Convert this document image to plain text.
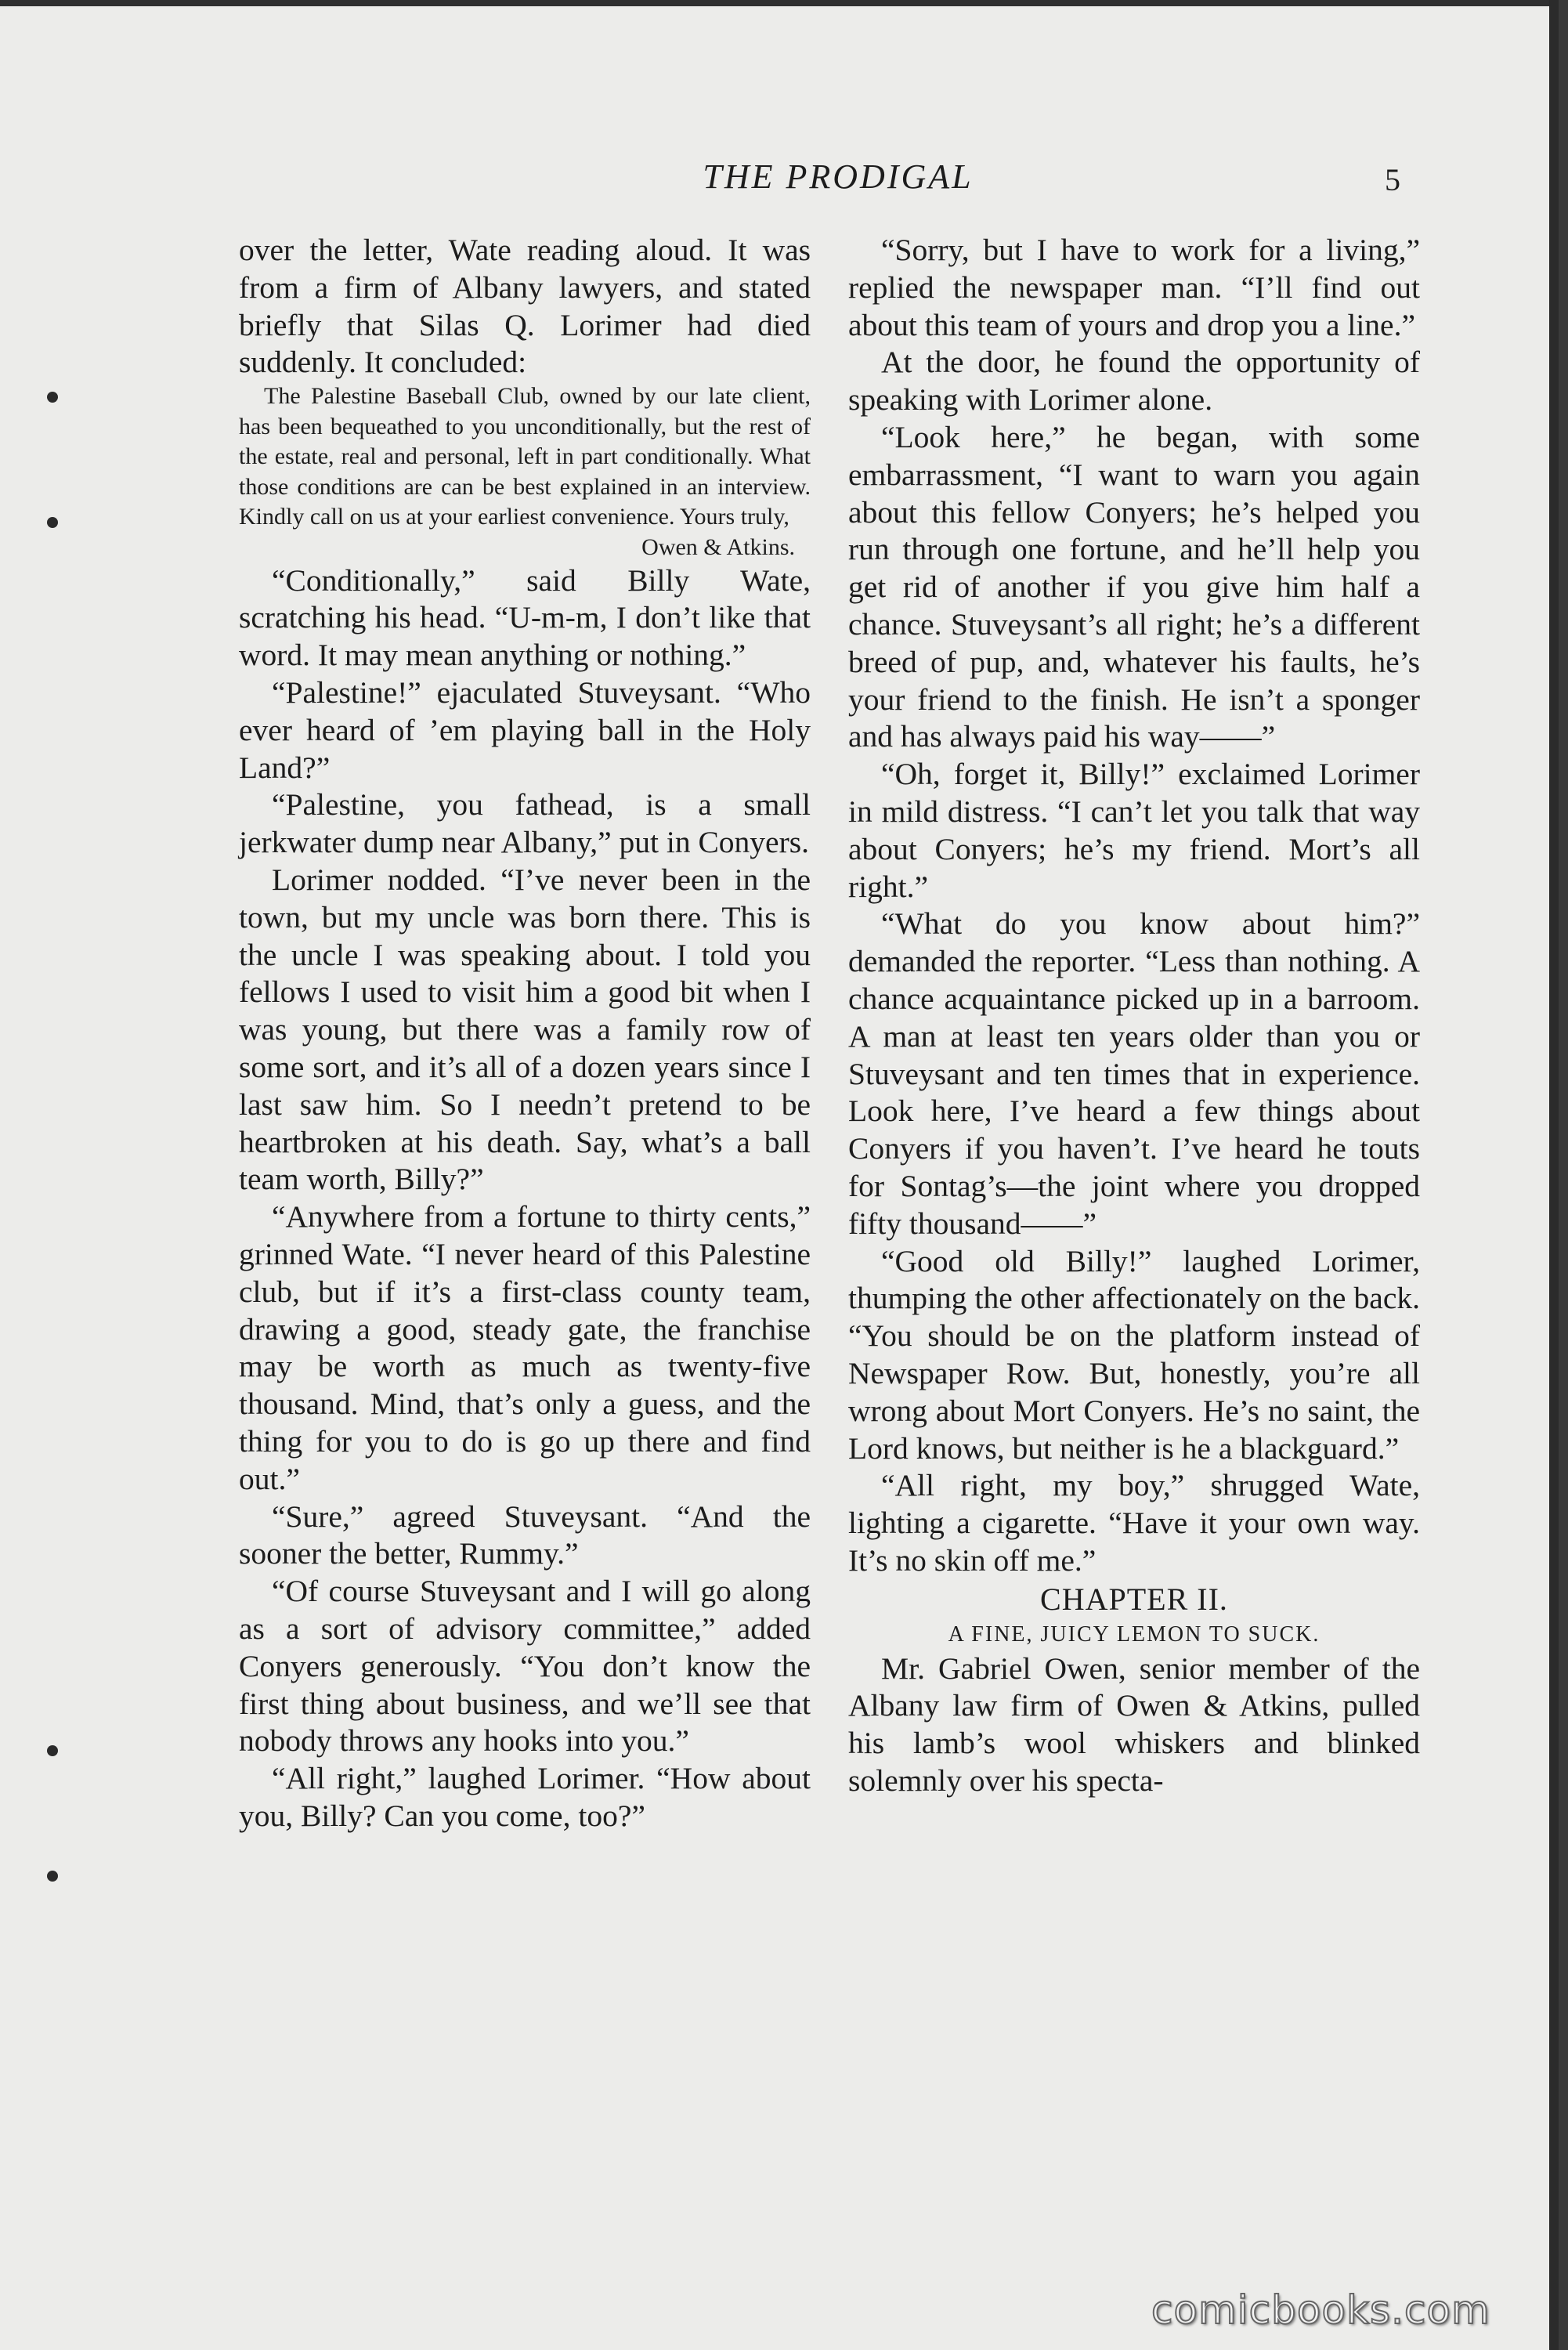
THE PRODIGAL	5

over the letter, Wate reading aloud. It was from a firm of Albany lawyers, and stated briefly that Silas Q. Lorimer had died suddenly. It concluded:

The Palestine Baseball Club, owned by our late client, has been bequeathed to you unconditionally, but the rest of the estate, real and personal, left in part conditionally. What those conditions are can be best explained in an interview. Kindly call on us at your earliest convenience. Yours truly,

Owen & Atkins.

“Conditionally,” said Billy Wate, scratching his head. “U-m-m, I don’t like that word. It may mean anything or nothing.”

“Palestine!” ejaculated Stuveysant. “Who ever heard of ’em playing ball in the Holy Land?”

“Palestine, you fathead, is a small jerkwater dump near Albany,” put in Conyers.

Lorimer nodded. “I’ve never been in the town, but my uncle was born there. This is the uncle I was speaking about. I told you fellows I used to visit him a good bit when I was young, but there was a family row of some sort, and it’s all of a dozen years since I last saw him. So I needn’t pretend to be heartbroken at his death. Say, what’s a ball team worth, Billy?”

“Anywhere from a fortune to thirty cents,” grinned Wate. “I never heard of this Palestine club, but if it’s a first-class county team, drawing a good, steady gate, the franchise may be worth as much as twenty-five thousand. Mind, that’s only a guess, and the thing for you to do is go up there and find out.”

“Sure,” agreed Stuveysant. “And the sooner the better, Rummy.”

“Of course Stuveysant and I will go along as a sort of advisory committee,” added Conyers generously. “You don’t know the first thing about business, and we’ll see that nobody throws any hooks into you.”

“All right,” laughed Lorimer. “How about you, Billy? Can you come, too?”

“Sorry, but I have to work for a living,” replied the newspaper man. “I’ll find out about this team of yours and drop you a line.”

At the door, he found the opportunity of speaking with Lorimer alone.

“Look here,” he began, with some embarrassment, “I want to warn you again about this fellow Conyers; he’s helped you run through one fortune, and he’ll help you get rid of another if you give him half a chance. Stuveysant’s all right; he’s a different breed of pup, and, whatever his faults, he’s your friend to the finish. He isn’t a sponger and has always paid his way——”

“Oh, forget it, Billy!” exclaimed Lorimer in mild distress. “I can’t let you talk that way about Conyers; he’s my friend. Mort’s all right.”

“What do you know about him?” demanded the reporter. “Less than nothing. A chance acquaintance picked up in a barroom. A man at least ten years older than you or Stuveysant and ten times that in experience. Look here, I’ve heard a few things about Conyers if you haven’t. I’ve heard he touts for Sontag’s—the joint where you dropped fifty thousand——”

“Good old Billy!” laughed Lorimer, thumping the other affectionately on the back. “You should be on the platform instead of Newspaper Row. But, honestly, you’re all wrong about Mort Conyers. He’s no saint, the Lord knows, but neither is he a blackguard.”

“All right, my boy,” shrugged Wate, lighting a cigarette. “Have it your own way. It’s no skin off me.”

CHAPTER II.

A FINE, JUICY LEMON TO SUCK.

Mr. Gabriel Owen, senior member of the Albany law firm of Owen & Atkins, pulled his lamb’s wool whiskers and blinked solemnly over his specta-

comicbooks.com
